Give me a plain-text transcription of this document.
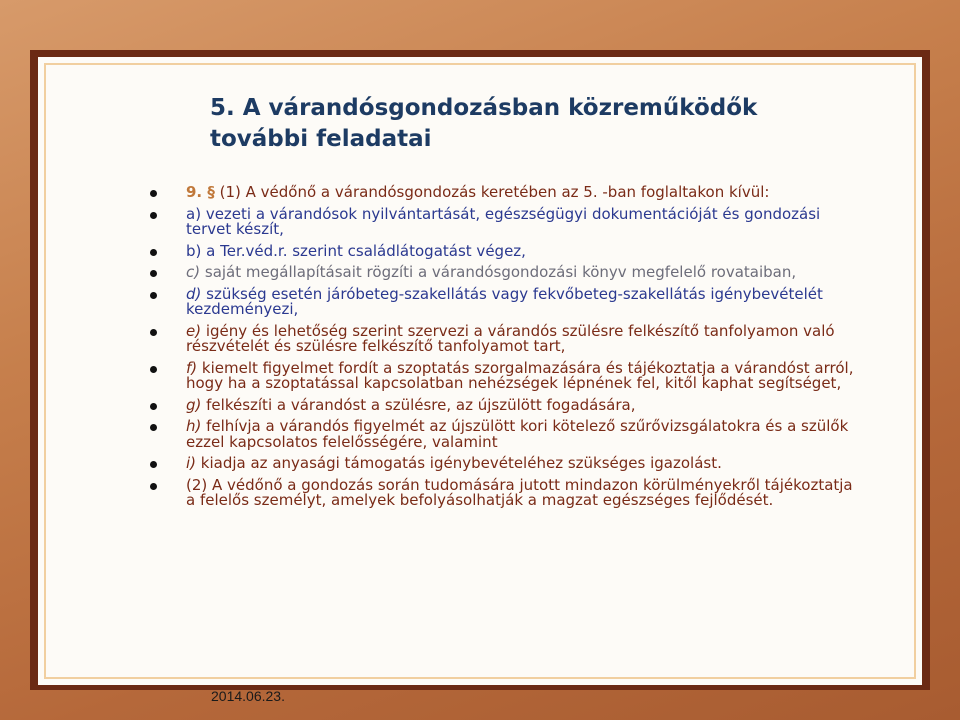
5. A várandósgondozásban közreműködők további feladatai
9. § (1) A védőnő a várandósgondozás keretében az 5. -ban foglaltakon kívül:
a) vezeti a várandósok nyilvántartását, egészségügyi dokumentációját és gondozási tervet készít,
b) a Ter.véd.r. szerint családlátogatást végez,
c) saját megállapításait rögzíti a várandósgondozási könyv megfelelő rovataiban,
d) szükség esetén járóbeteg-szakellátás vagy fekvőbeteg-szakellátás igénybevételét kezdeményezi,
e) igény és lehetőség szerint szervezi a várandós szülésre felkészítő tanfolyamon való részvételét és szülésre felkészítő tanfolyamot tart,
f) kiemelt figyelmet fordít a szoptatás szorgalmazására és tájékoztatja a várandóst arról, hogy ha a szoptatással kapcsolatban nehézségek lépnének fel, kitől kaphat segítséget,
g) felkészíti a várandóst a szülésre, az újszülött fogadására,
h) felhívja a várandós figyelmét az újszülött kori kötelező szűrővizsgálatokra és a szülők ezzel kapcsolatos felelősségére, valamint
i) kiadja az anyasági támogatás igénybevételéhez szükséges igazolást.
(2) A védőnő a gondozás során tudomására jutott mindazon körülményekről tájékoztatja a felelős személyt, amelyek befolyásolhatják a magzat egészséges fejlődését.
2014.06.23.
